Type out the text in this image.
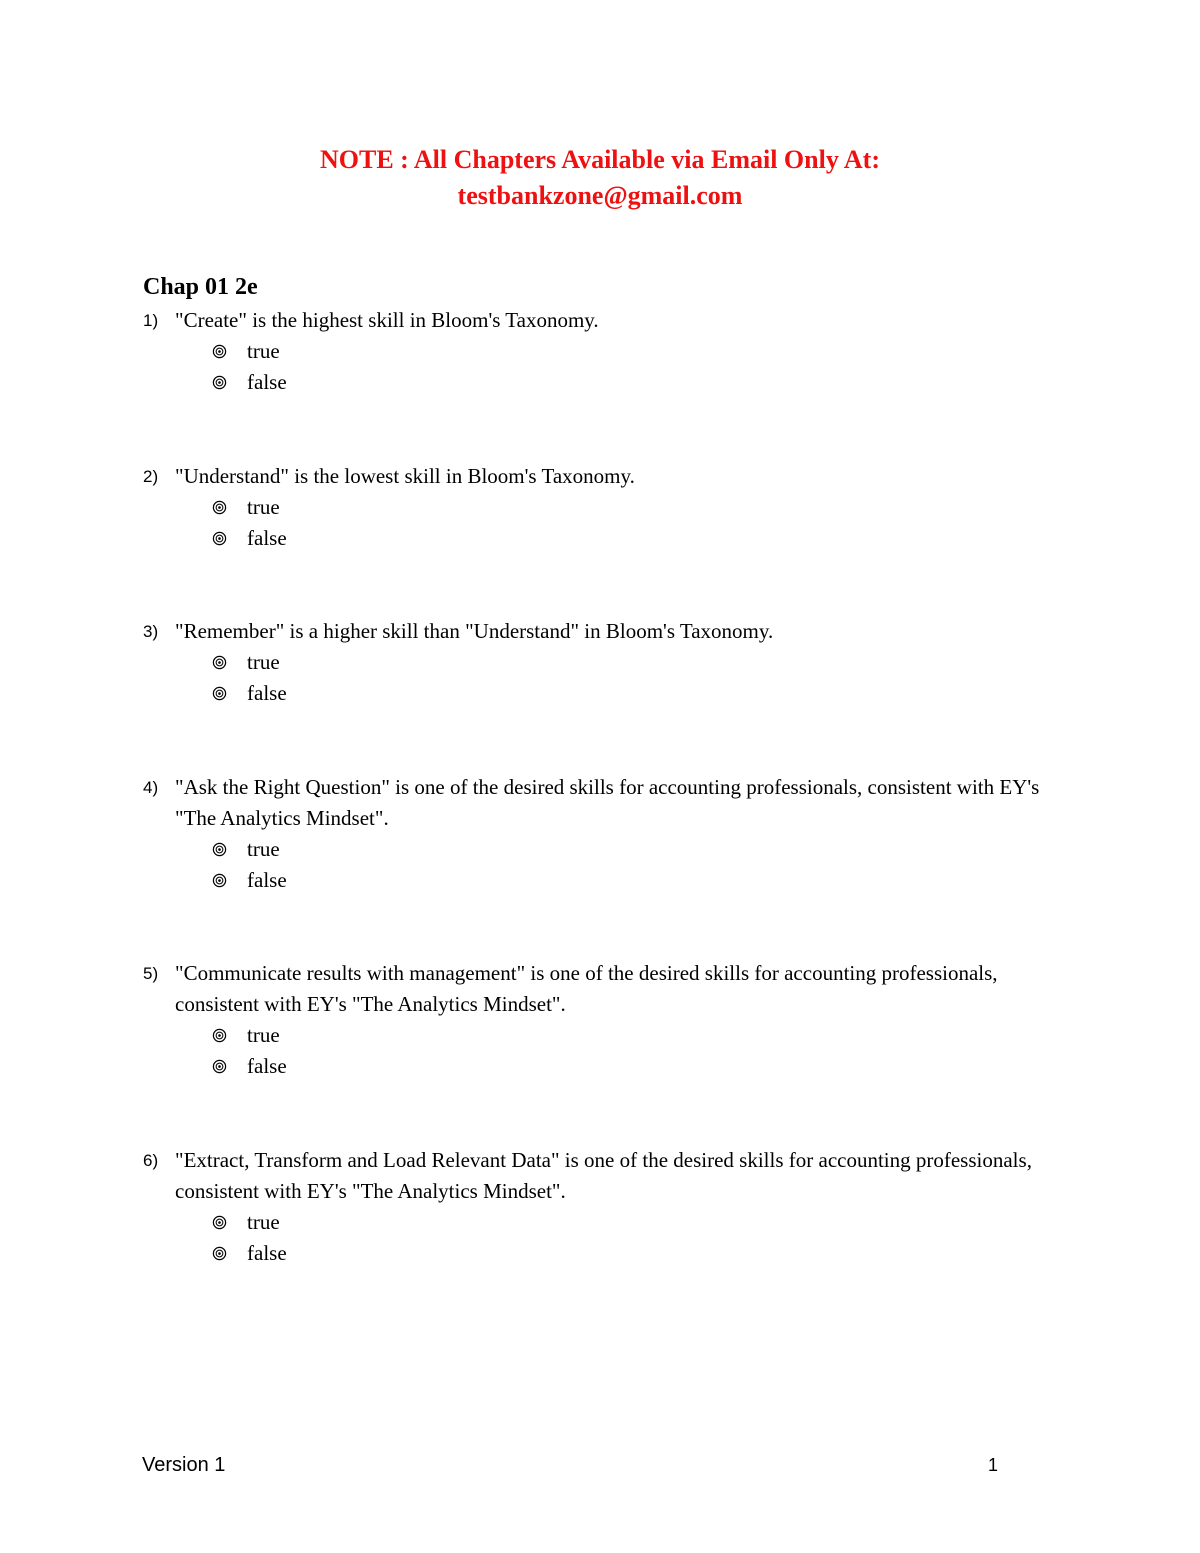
NOTE : All Chapters Available via Email Only At:
testbankzone@gmail.com
Chap 01 2e
1) "Create" is the highest skill in Bloom's Taxonomy.
true
false
2) "Understand" is the lowest skill in Bloom's Taxonomy.
true
false
3) "Remember" is a higher skill than "Understand" in Bloom's Taxonomy.
true
false
4) "Ask the Right Question" is one of the desired skills for accounting professionals, consistent with EY's "The Analytics Mindset".
true
false
5) "Communicate results with management" is one of the desired skills for accounting professionals, consistent with EY's "The Analytics Mindset".
true
false
6) "Extract, Transform and Load Relevant Data" is one of the desired skills for accounting professionals, consistent with EY's "The Analytics Mindset".
true
false
Version 1	1
